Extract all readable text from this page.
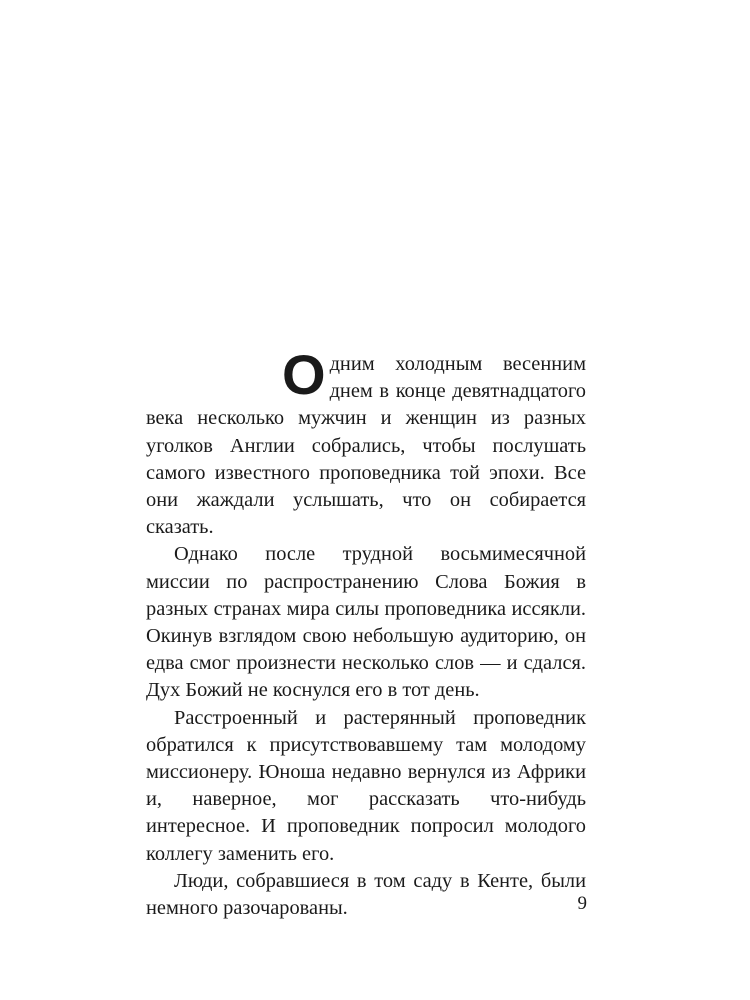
Одним холодным весенним днем в конце девятнадцатого века несколько мужчин и женщин из разных уголков Англии собрались, чтобы послушать самого известного проповедника той эпохи. Все они жаждали услышать, что он собирается сказать.

Однако после трудной восьмимесячной миссии по распространению Слова Божия в разных странах мира силы проповедника иссякли. Окинув взглядом свою небольшую аудиторию, он едва смог произнести несколько слов — и сдался. Дух Божий не коснулся его в тот день.

Расстроенный и растерянный проповедник обратился к присутствовавшему там молодому миссионеру. Юноша недавно вернулся из Африки и, наверное, мог рассказать что-нибудь интересное. И проповедник попросил молодого коллегу заменить его.

Люди, собравшиеся в том саду в Кенте, были немного разочарованы.	9
